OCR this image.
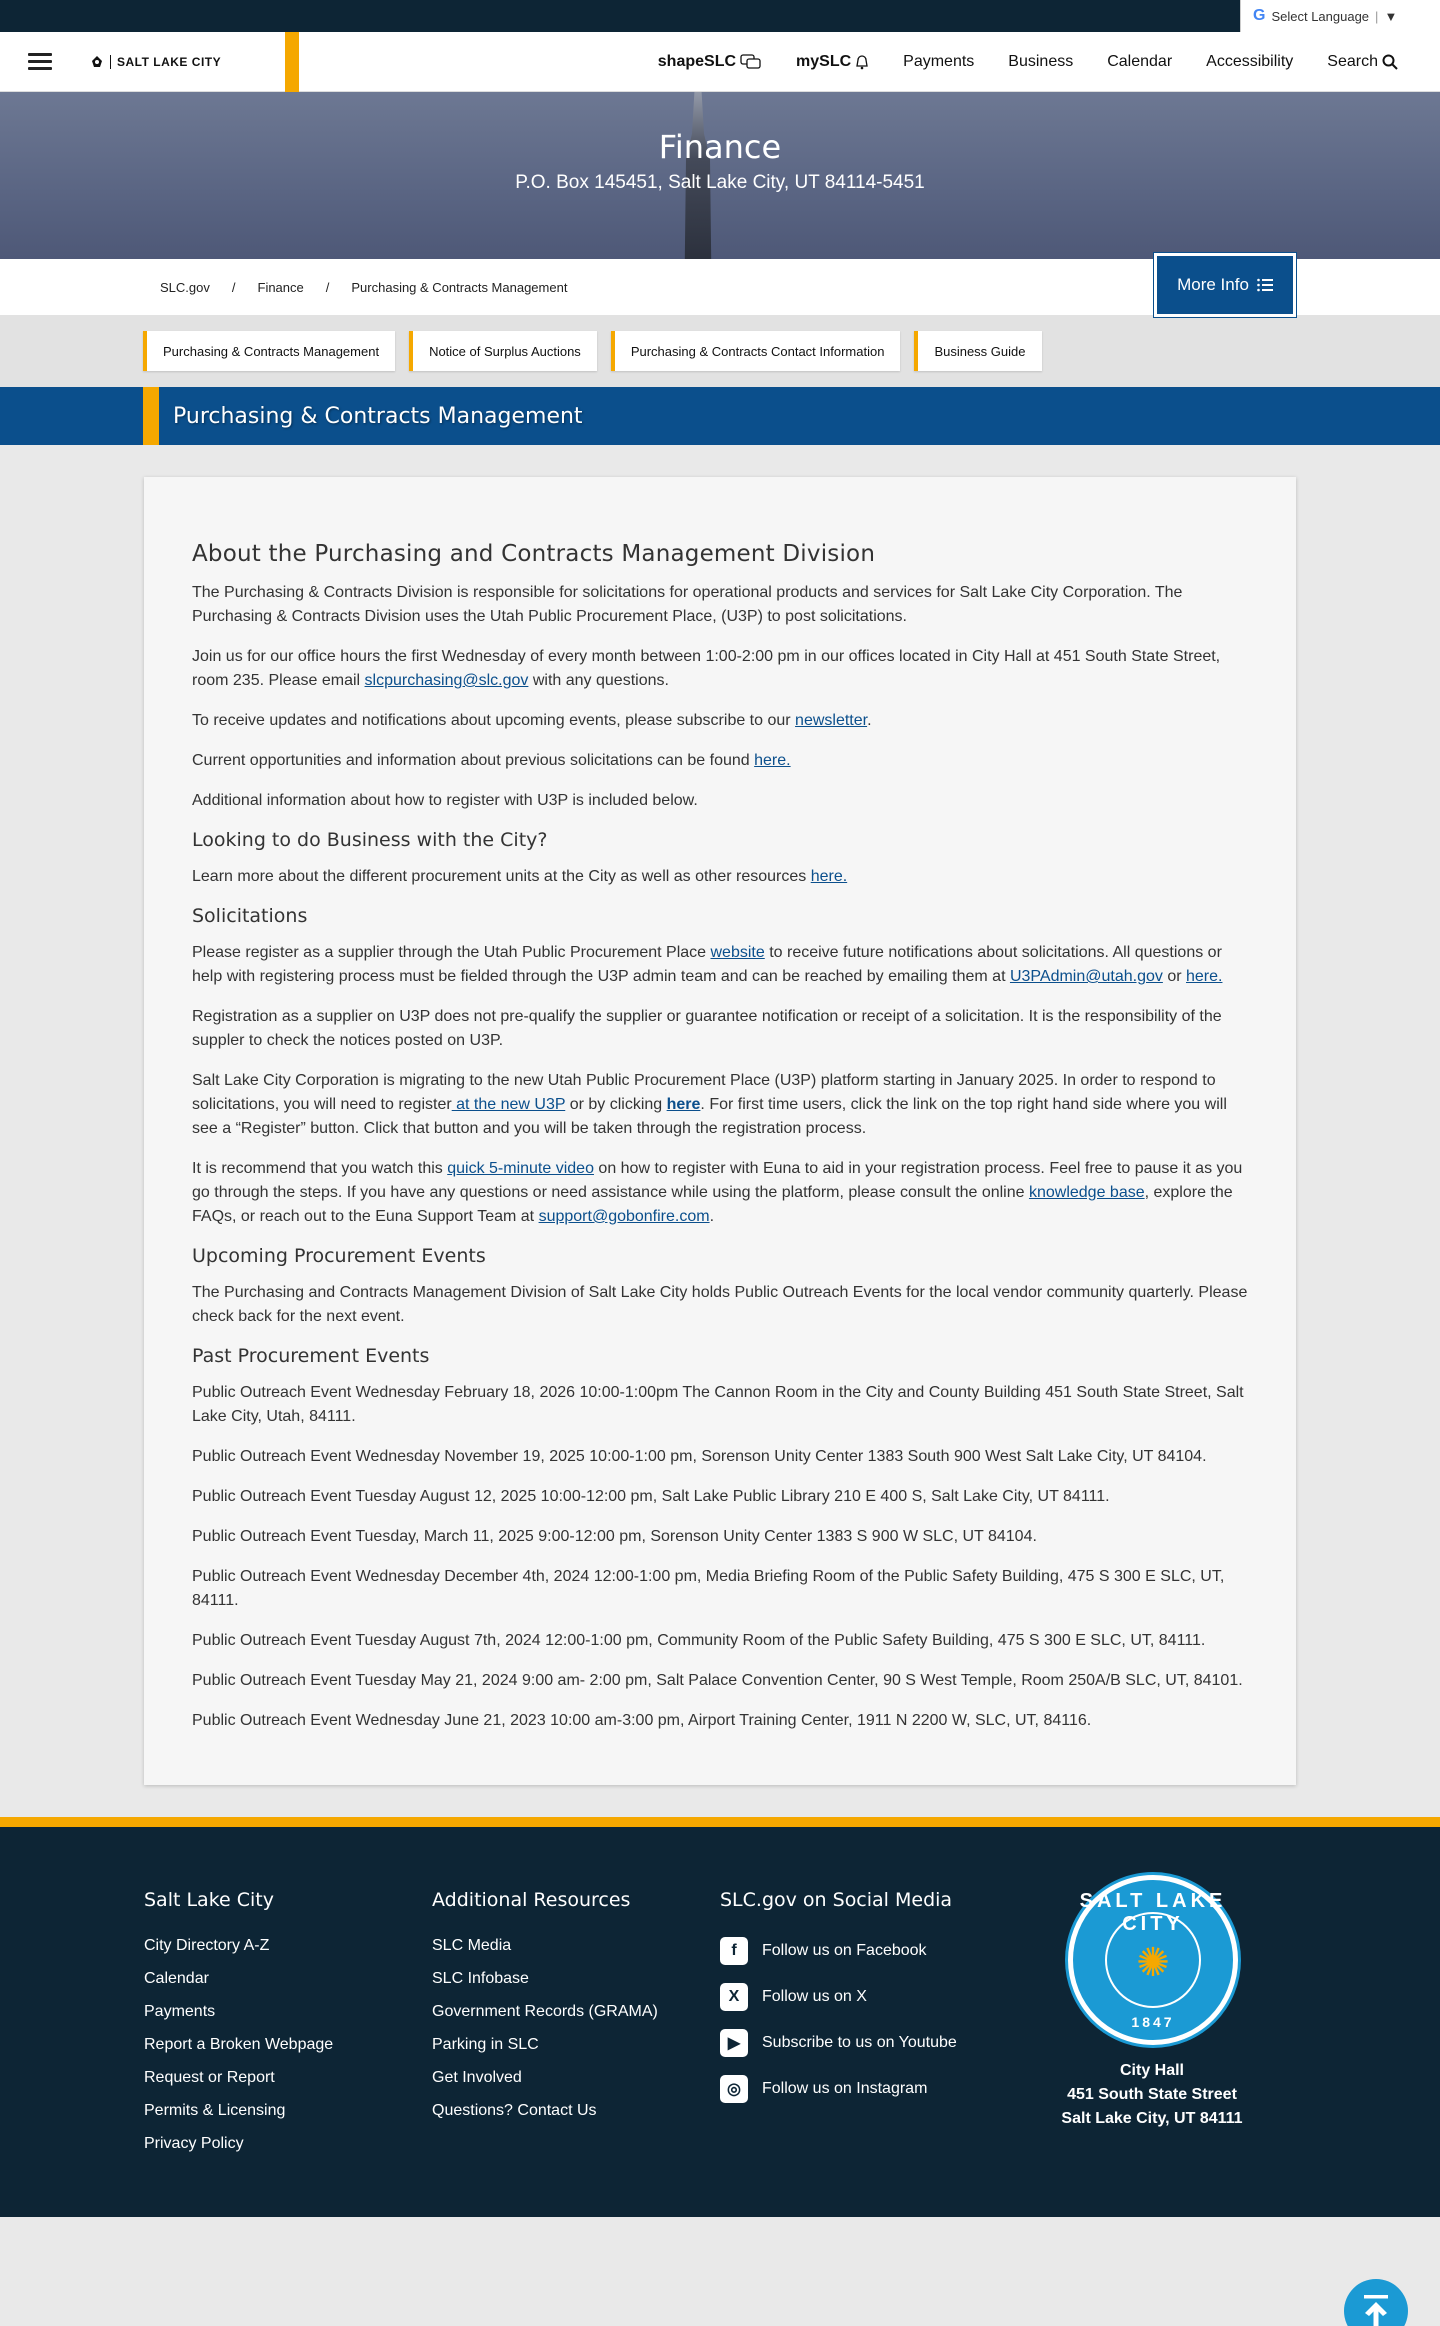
G Select Language | ▼
SALT LAKE CITY	shapeSLC	mySLC	Payments Business Calendar Accessibility Search
Finance

P.O. Box 145451, Salt Lake City, UT 84114-5451

SLC.gov / Finance / Purchasing & Contracts Management	More Info
Purchasing & Contracts Management	Notice of Surplus Auctions	Purchasing & Contracts Contact Information	Business Guide
Purchasing & Contracts Management
About the Purchasing and Contracts Management Division

The Purchasing & Contracts Division is responsible for solicitations for operational products and services for Salt Lake City Corporation. The Purchasing & Contracts Division uses the Utah Public Procurement Place, (U3P) to post solicitations.

Join us for our office hours the first Wednesday of every month between 1:00-2:00 pm in our offices located in City Hall at 451 South State Street, room 235. Please email slcpurchasing@slc.gov with any questions.

To receive updates and notifications about upcoming events, please subscribe to our newsletter.

Current opportunities and information about previous solicitations can be found here.

Additional information about how to register with U3P is included below.

Looking to do Business with the City?

Learn more about the different procurement units at the City as well as other resources here.

Solicitations

Please register as a supplier through the Utah Public Procurement Place website to receive future notifications about solicitations. All questions or help with registering process must be fielded through the U3P admin team and can be reached by emailing them at U3PAdmin@utah.gov or here.

Registration as a supplier on U3P does not pre-qualify the supplier or guarantee notification or receipt of a solicitation. It is the responsibility of the suppler to check the notices posted on U3P.

Salt Lake City Corporation is migrating to the new Utah Public Procurement Place (U3P) platform starting in January 2025. In order to respond to solicitations, you will need to register at the new U3P or by clicking here. For first time users, click the link on the top right hand side where you will see a “Register” button. Click that button and you will be taken through the registration process.

It is recommend that you watch this quick 5-minute video on how to register with Euna to aid in your registration process. Feel free to pause it as you go through the steps. If you have any questions or need assistance while using the platform, please consult the online knowledge base, explore the FAQs, or reach out to the Euna Support Team at support@gobonfire.com.

Upcoming Procurement Events

The Purchasing and Contracts Management Division of Salt Lake City holds Public Outreach Events for the local vendor community quarterly. Please check back for the next event.

Past Procurement Events

Public Outreach Event Wednesday February 18, 2026 10:00-1:00pm The Cannon Room in the City and County Building 451 South State Street, Salt Lake City, Utah, 84111.

Public Outreach Event Wednesday November 19, 2025 10:00-1:00 pm, Sorenson Unity Center 1383 South 900 West Salt Lake City, UT 84104.

Public Outreach Event Tuesday August 12, 2025 10:00-12:00 pm, Salt Lake Public Library 210 E 400 S, Salt Lake City, UT 84111.

Public Outreach Event Tuesday, March 11, 2025 9:00-12:00 pm, Sorenson Unity Center 1383 S 900 W SLC, UT 84104.

Public Outreach Event Wednesday December 4th, 2024 12:00-1:00 pm, Media Briefing Room of the Public Safety Building, 475 S 300 E SLC, UT, 84111.

Public Outreach Event Tuesday August 7th, 2024 12:00-1:00 pm, Community Room of the Public Safety Building, 475 S 300 E SLC, UT, 84111.

Public Outreach Event Tuesday May 21, 2024 9:00 am- 2:00 pm, Salt Palace Convention Center, 90 S West Temple, Room 250A/B SLC, UT, 84101.

Public Outreach Event Wednesday June 21, 2023 10:00 am-3:00 pm, Airport Training Center, 1911 N 2200 W, SLC, UT, 84116.

Salt Lake City
City Directory A-Z
Calendar
Payments
Report a Broken Webpage
Request or Report
Permits & Licensing
Privacy Policy
Additional Resources
SLC Media
SLC Infobase
Government Records (GRAMA)
Parking in SLC
Get Involved
Questions? Contact Us
SLC.gov on Social Media
f	Follow us on Facebook
X	Follow us on X
▶	Subscribe to us on Youtube
◎	Follow us on Instagram
SALT LAKE CITY
✺
1847
City Hall
451 South State Street
Salt Lake City, UT 84111
